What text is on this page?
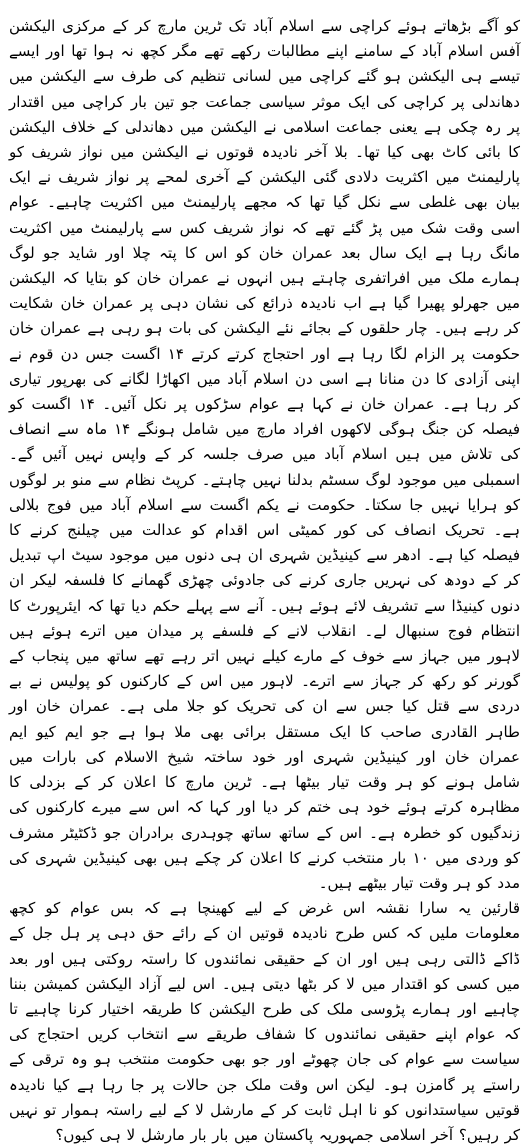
کو آگے بڑھاتے ہوئے کراچی سے اسلام آباد تک ٹرین مارچ کر کے مرکزی الیکشن آفس اسلام آباد کے سامنے اپنے مطالبات رکھے تھے مگر کچھ نہ ہوا تھا اور ایسے تیسے ہی الیکشن ہو گئے کراچی میں لسانی تنظیم کی طرف سے الیکشن میں دھاندلی پر کراچی کی ایک موثر سیاسی جماعت جو تین بار کراچی میں اقتدار پر رہ چکی ہے یعنی جماعت اسلامی نے الیکشن میں دھاندلی کے خلاف الیکشن کا بائی کاٹ بھی کیا تھا۔ بلا آخر نادیدہ قوتوں نے الیکشن میں نواز شریف کو پارلیمنٹ میں اکثریت دلادی گئی الیکشن کے آخری لمحے پر نواز شریف نے ایک بیان بھی غلطی سے نکل گیا تھا کہ مجھے پارلیمنٹ میں اکثریت چاہیے۔ عوام اسی وقت شک میں پڑ گئے تھے کہ نواز شریف کس سے پارلیمنٹ میں اکثریت مانگ رہا ہے ایک سال بعد عمران خان کو اس کا پتہ چلا اور شاید جو لوگ ہمارے ملک میں افراتفری چاہتے ہیں انہوں نے عمران خان کو بتایا کہ الیکشن میں جھرلو پھیرا گیا ہے اب نادیدہ ذرائع کی نشان دہی پر عمران خان شکایت کر رہے ہیں۔ چار حلقوں کے بجائے نئے الیکشن کی بات ہو رہی ہے عمران خان حکومت پر الزام لگا رہا ہے اور احتجاج کرتے کرتے ۱۴ اگست جس دن قوم نے اپنی آزادی کا دن منانا ہے اسی دن اسلام آباد میں اکھاڑا لگانے کی بھرپور تیاری کر رہا ہے۔ عمران خان نے کہا ہے عوام سڑکوں پر نکل آئیں۔ ۱۴ اگست کو فیصلہ کن جنگ ہوگی لاکھوں افراد مارچ میں شامل ہونگے ۱۴ ماہ سے انصاف کی تلاش میں ہیں اسلام آباد میں صرف جلسہ کر کے واپس نہیں آئیں گے۔ اسمبلی میں موجود لوگ سسٹم بدلنا نہیں چاہتے۔ کرپٹ نظام سے منو بر لوگوں کو ہرایا نہیں جا سکتا۔ حکومت نے یکم اگست سے اسلام آباد میں فوج بلالی ہے۔ تحریک انصاف کی کور کمیٹی اس اقدام کو عدالت میں چیلنج کرنے کا فیصلہ کیا ہے۔ ادھر سے کینیڈین شہری ان ہی دنوں میں موجود سیٹ اپ تبدیل کر کے دودھ کی نہریں جاری کرنے کی جادوئی چھڑی گھمانے کا فلسفہ لیکر ان دنوں کینیڈا سے تشریف لائے ہوئے ہیں۔ آنے سے پہلے حکم دیا تھا کہ ایئرپورٹ کا انتظام فوج سنبھال لے۔ انقلاب لانے کے فلسفے پر میدان میں اترے ہوئے ہیں لاہور میں جہاز سے خوف کے مارے کیلے نہیں اتر رہے تھے ساتھ میں پنجاب کے گورنر کو رکھ کر جہاز سے اترے۔ لاہور میں اس کے کارکنوں کو پولیس نے بے دردی سے قتل کیا جس سے ان کی تحریک کو جلا ملی ہے۔ عمران خان اور طاہر القادری صاحب کا ایک مستقل برائی بھی ملا ہوا ہے جو ایم کیو ایم عمران خان اور کینیڈین شہری اور خود ساختہ شیخ الاسلام کی بارات میں شامل ہونے کو ہر وقت تیار بیٹھا ہے۔ ٹرین مارچ کا اعلان کر کے بزدلی کا مظاہرہ کرتے ہوئے خود ہی ختم کر دیا اور کہا کہ اس سے میرے کارکنوں کی زندگیوں کو خطرہ ہے۔ اس کے ساتھ ساتھ چوہدری برادران جو ڈکٹیٹر مشرف کو وردی میں ۱۰ بار منتخب کرنے کا اعلان کر چکے ہیں بھی کینیڈین شہری کی مدد کو ہر وقت تیار بیٹھے ہیں۔

قارئین یہ سارا نقشہ اس غرض کے لیے کھینچا ہے کہ بس عوام کو کچھ معلومات ملیں کہ کس طرح نادیدہ قوتیں ان کے رائے حق دہی پر ہل جل کے ڈاکے ڈالتی رہی ہیں اور ان کے حقیقی نمائندوں کا راستہ روکتی ہیں اور بعد میں کسی کو اقتدار میں لا کر بٹھا دیتی ہیں۔ اس لیے آزاد الیکشن کمیشن بننا چاہیے اور ہمارے پڑوسی ملک کی طرح الیکشن کا طریقہ اختیار کرنا چاہیے تا کہ عوام اپنے حقیقی نمائندوں کا شفاف طریقے سے انتخاب کریں احتجاج کی سیاست سے عوام کی جان چھوٹے اور جو بھی حکومت منتخب ہو وہ ترقی کے راستے پر گامزن ہو۔ لیکن اس وقت ملک جن حالات پر جا رہا ہے کیا نادیدہ قوتیں سیاستدانوں کو نا اہل ثابت کر کے مارشل لا کے لیے راستہ ہموار تو نہیں کر رہیں؟ آخر اسلامی جمہوریہ پاکستان میں بار بار مارشل لا ہی کیوں؟
